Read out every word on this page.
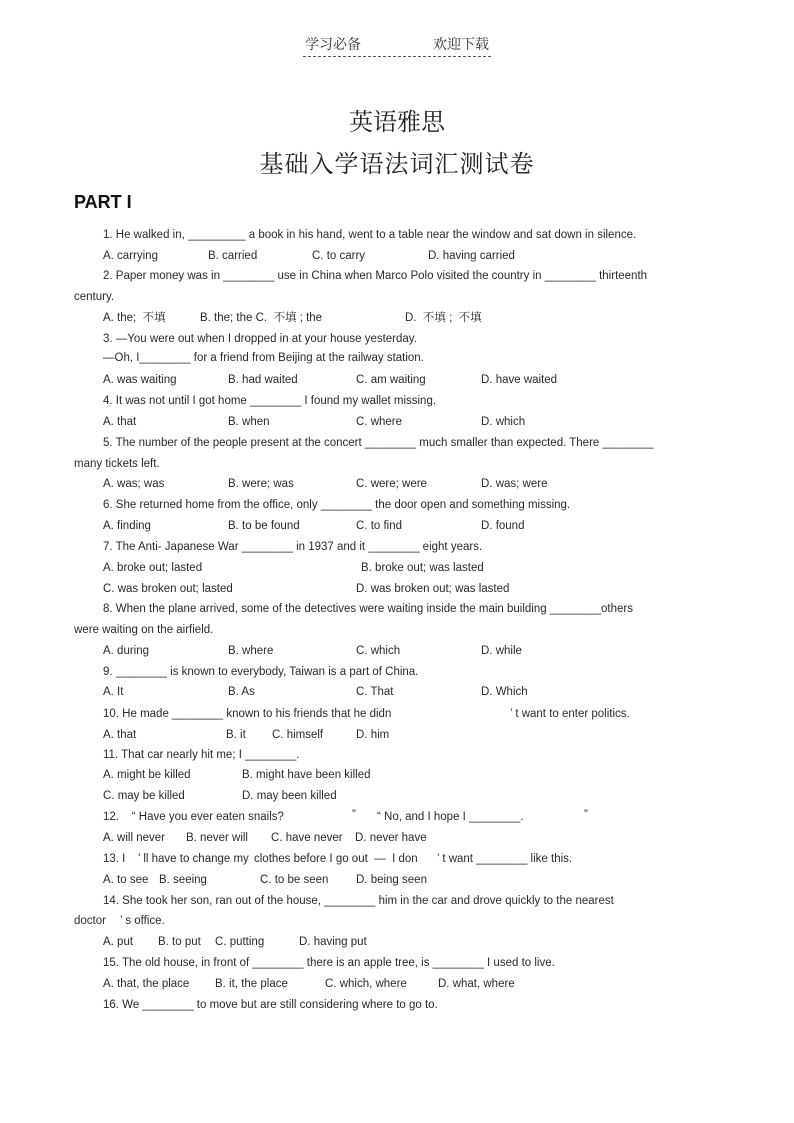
学习必备	欢迎下载
英语雅思
基础入学语法词汇测试卷
PART I
1. He walked in, _________ a book in his hand, went to a table near the window and sat down in silence.
A. carrying	B. carried	C. to carry	D. having carried
2. Paper money was in ________ use in China when Marco Polo visited the country in ________ thirteenth
century.
A. the;  不填	B. the; the C.  不填 ; the	D.  不填 ;  不填
3. —You were out when I dropped in at your house yesterday.
—Oh, I________ for a friend from Beijing at the railway station.
A. was waiting	B. had waited	C. am waiting	D. have waited
4. It was not until I got home ________ I found my wallet missing.
A. that	B. when	C. where	D. which
5. The number of the people present at the concert ________ much smaller than expected. There ________
many tickets left.
A. was; was	B. were; was	C. were; were	D. was; were
6. She returned home from the office, only ________ the door open and something missing.
A. finding	B. to be found	C. to find	D. found
7. The Anti- Japanese War ________ in 1937 and it ________ eight years.
A. broke out; lasted	B. broke out; was lasted
C. was broken out; lasted	D. was broken out; was lasted
8. When the plane arrived, some of the detectives were waiting inside the main building ________others
were waiting on the airfield.
A. during	B. where	C. which	D. while
9. ________ is known to everybody, Taiwan is a part of China.
A. It	B. As	C. That	D. Which
10. He made ________ known to his friends that he didn	’ t want to enter politics.
A. that	B. it C. himself	D. him
11. That car nearly hit me; I ________.
A. might be killed	B. might have been killed
C. may be killed	D. may been killed
12.    “ Have you ever eaten snails?	” “ No, and I hope I ________.	”
A. will never B. never will C. have never D. never have
13. I ’ ll have to change my clothes before I go out  —  I don ’ t want ________ like this.
A. to see B. seeing	C. to be seen D. being seen
14. She took her son, ran out of the house, ________ him in the car and drove quickly to the nearest
doctor ’ s office.
A. put B. to put C. putting	D. having put
15. The old house, in front of ________ there is an apple tree, is ________ I used to live.
A. that, the place B. it, the place	C. which, where	D. what, where
16. We ________ to move but are still considering where to go to.
